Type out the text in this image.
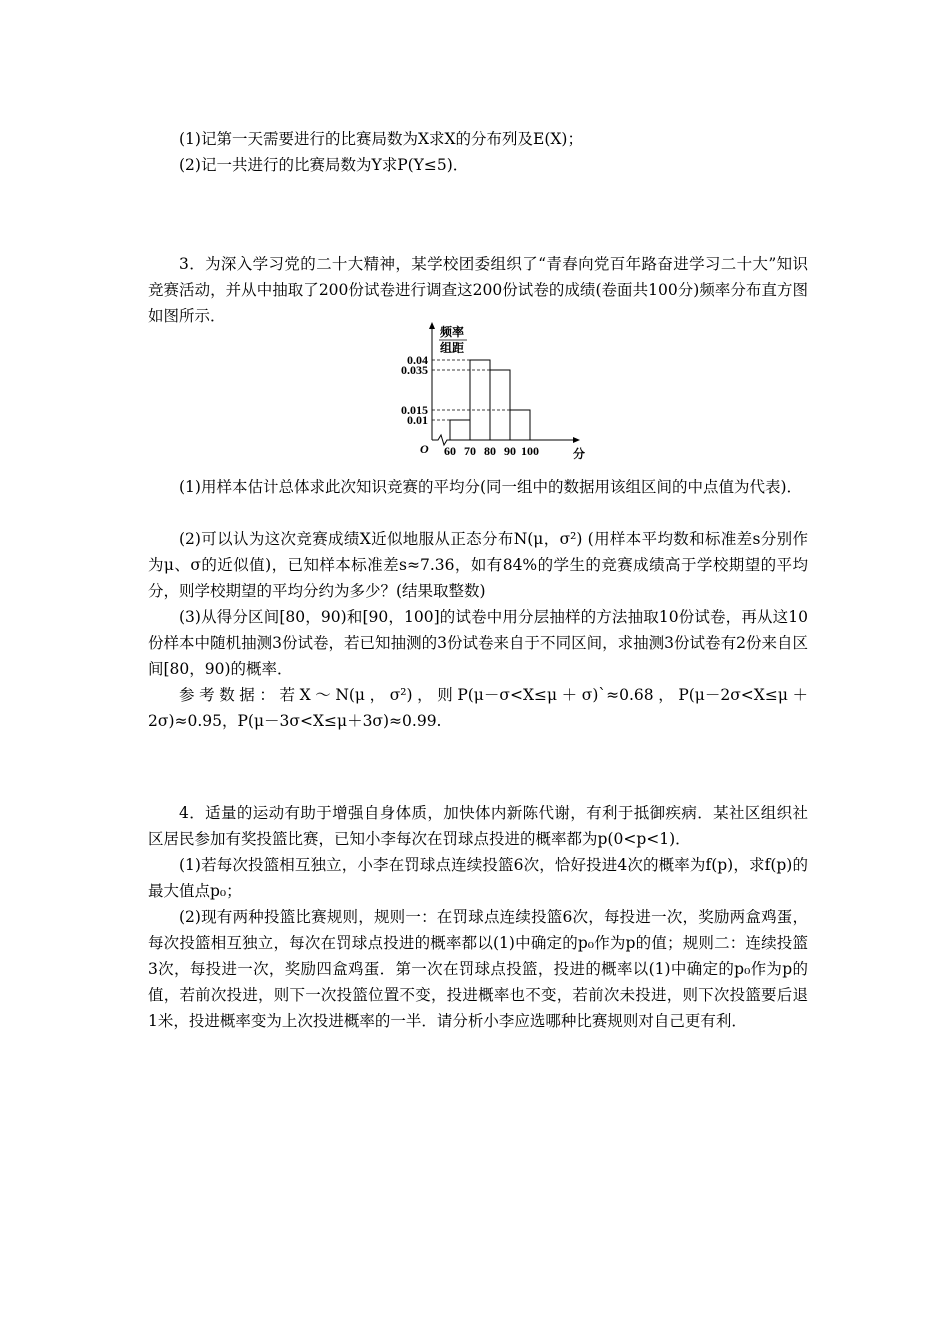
(1)记第一天需要进行的比赛局数为X求X的分布列及E(X)；

(2)记一共进行的比赛局数为Y求P(Y≤5)．

3．为深入学习党的二十大精神，某学校团委组织了“青春向党百年路奋进学习二十大”知识竞赛活动，并从中抽取了200份试卷进行调查这200份试卷的成绩(卷面共100分)频率分布直方图如图所示．

0.01
0.015
0.035
0.04
60 70 80 90 100
O
频率
组距
分

(1)用样本估计总体求此次知识竞赛的平均分(同一组中的数据用该组区间的中点值为代表)．

(2)可以认为这次竞赛成绩X近似地服从正态分布N(μ，σ²) (用样本平均数和标准差s分别作为μ、σ的近似值)，已知样本标准差s≈7.36，如有84%的学生的竞赛成绩高于学校期望的平均分，则学校期望的平均分约为多少？(结果取整数)

(3)从得分区间[80，90)和[90，100]的试卷中用分层抽样的方法抽取10份试卷，再从这10份样本中随机抽测3份试卷，若已知抽测的3份试卷来自于不同区间，求抽测3份试卷有2份来自区间[80，90)的概率．

参考数据：若X～N(μ，σ²)，则P(μ－σ<X≤μ＋σ)`≈0.68，P(μ－2σ<X≤μ＋2σ)≈0.95，P(μ－3σ<X≤μ＋3σ)≈0.99.

4．适量的运动有助于增强自身体质，加快体内新陈代谢，有利于抵御疾病．某社区组织社区居民参加有奖投篮比赛，已知小李每次在罚球点投进的概率都为p(0<p<1)．

(1)若每次投篮相互独立，小李在罚球点连续投篮6次，恰好投进4次的概率为f(p)，求f(p)的最大值点p₀；

(2)现有两种投篮比赛规则，规则一：在罚球点连续投篮6次，每投进一次，奖励两盒鸡蛋，每次投篮相互独立，每次在罚球点投进的概率都以(1)中确定的p₀作为p的值；规则二：连续投篮3次，每投进一次，奖励四盒鸡蛋．第一次在罚球点投篮，投进的概率以(1)中确定的p₀作为p的值，若前次投进，则下一次投篮位置不变，投进概率也不变，若前次未投进，则下次投篮要后退1米，投进概率变为上次投进概率的一半．请分析小李应选哪种比赛规则对自己更有利．
